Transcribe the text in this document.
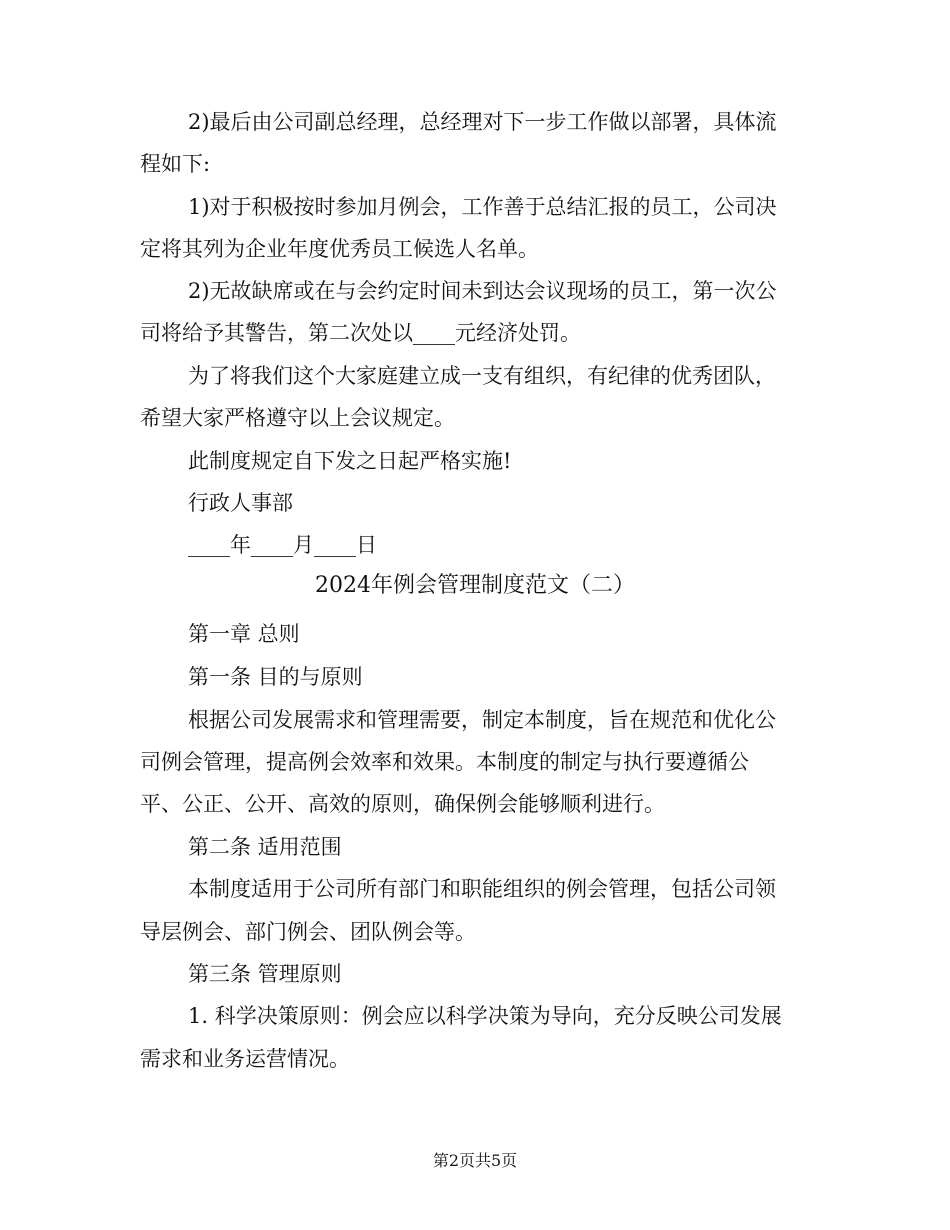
2)最后由公司副总经理，总经理对下一步工作做以部署，具体流
程如下:
1)对于积极按时参加月例会，工作善于总结汇报的员工，公司决
定将其列为企业年度优秀员工候选人名单。
2)无故缺席或在与会约定时间未到达会议现场的员工，第一次公
司将给予其警告，第二次处以____元经济处罚。
为了将我们这个大家庭建立成一支有组织，有纪律的优秀团队，
希望大家严格遵守以上会议规定。
此制度规定自下发之日起严格实施!
行政人事部
____年____月____日
2024年例会管理制度范文（二）
第一章 总则
第一条 目的与原则
根据公司发展需求和管理需要，制定本制度，旨在规范和优化公
司例会管理，提高例会效率和效果。本制度的制定与执行要遵循公
平、公正、公开、高效的原则，确保例会能够顺利进行。
第二条 适用范围
本制度适用于公司所有部门和职能组织的例会管理，包括公司领
导层例会、部门例会、团队例会等。
第三条 管理原则
1. 科学决策原则：例会应以科学决策为导向，充分反映公司发展
需求和业务运营情况。
第2页共5页
